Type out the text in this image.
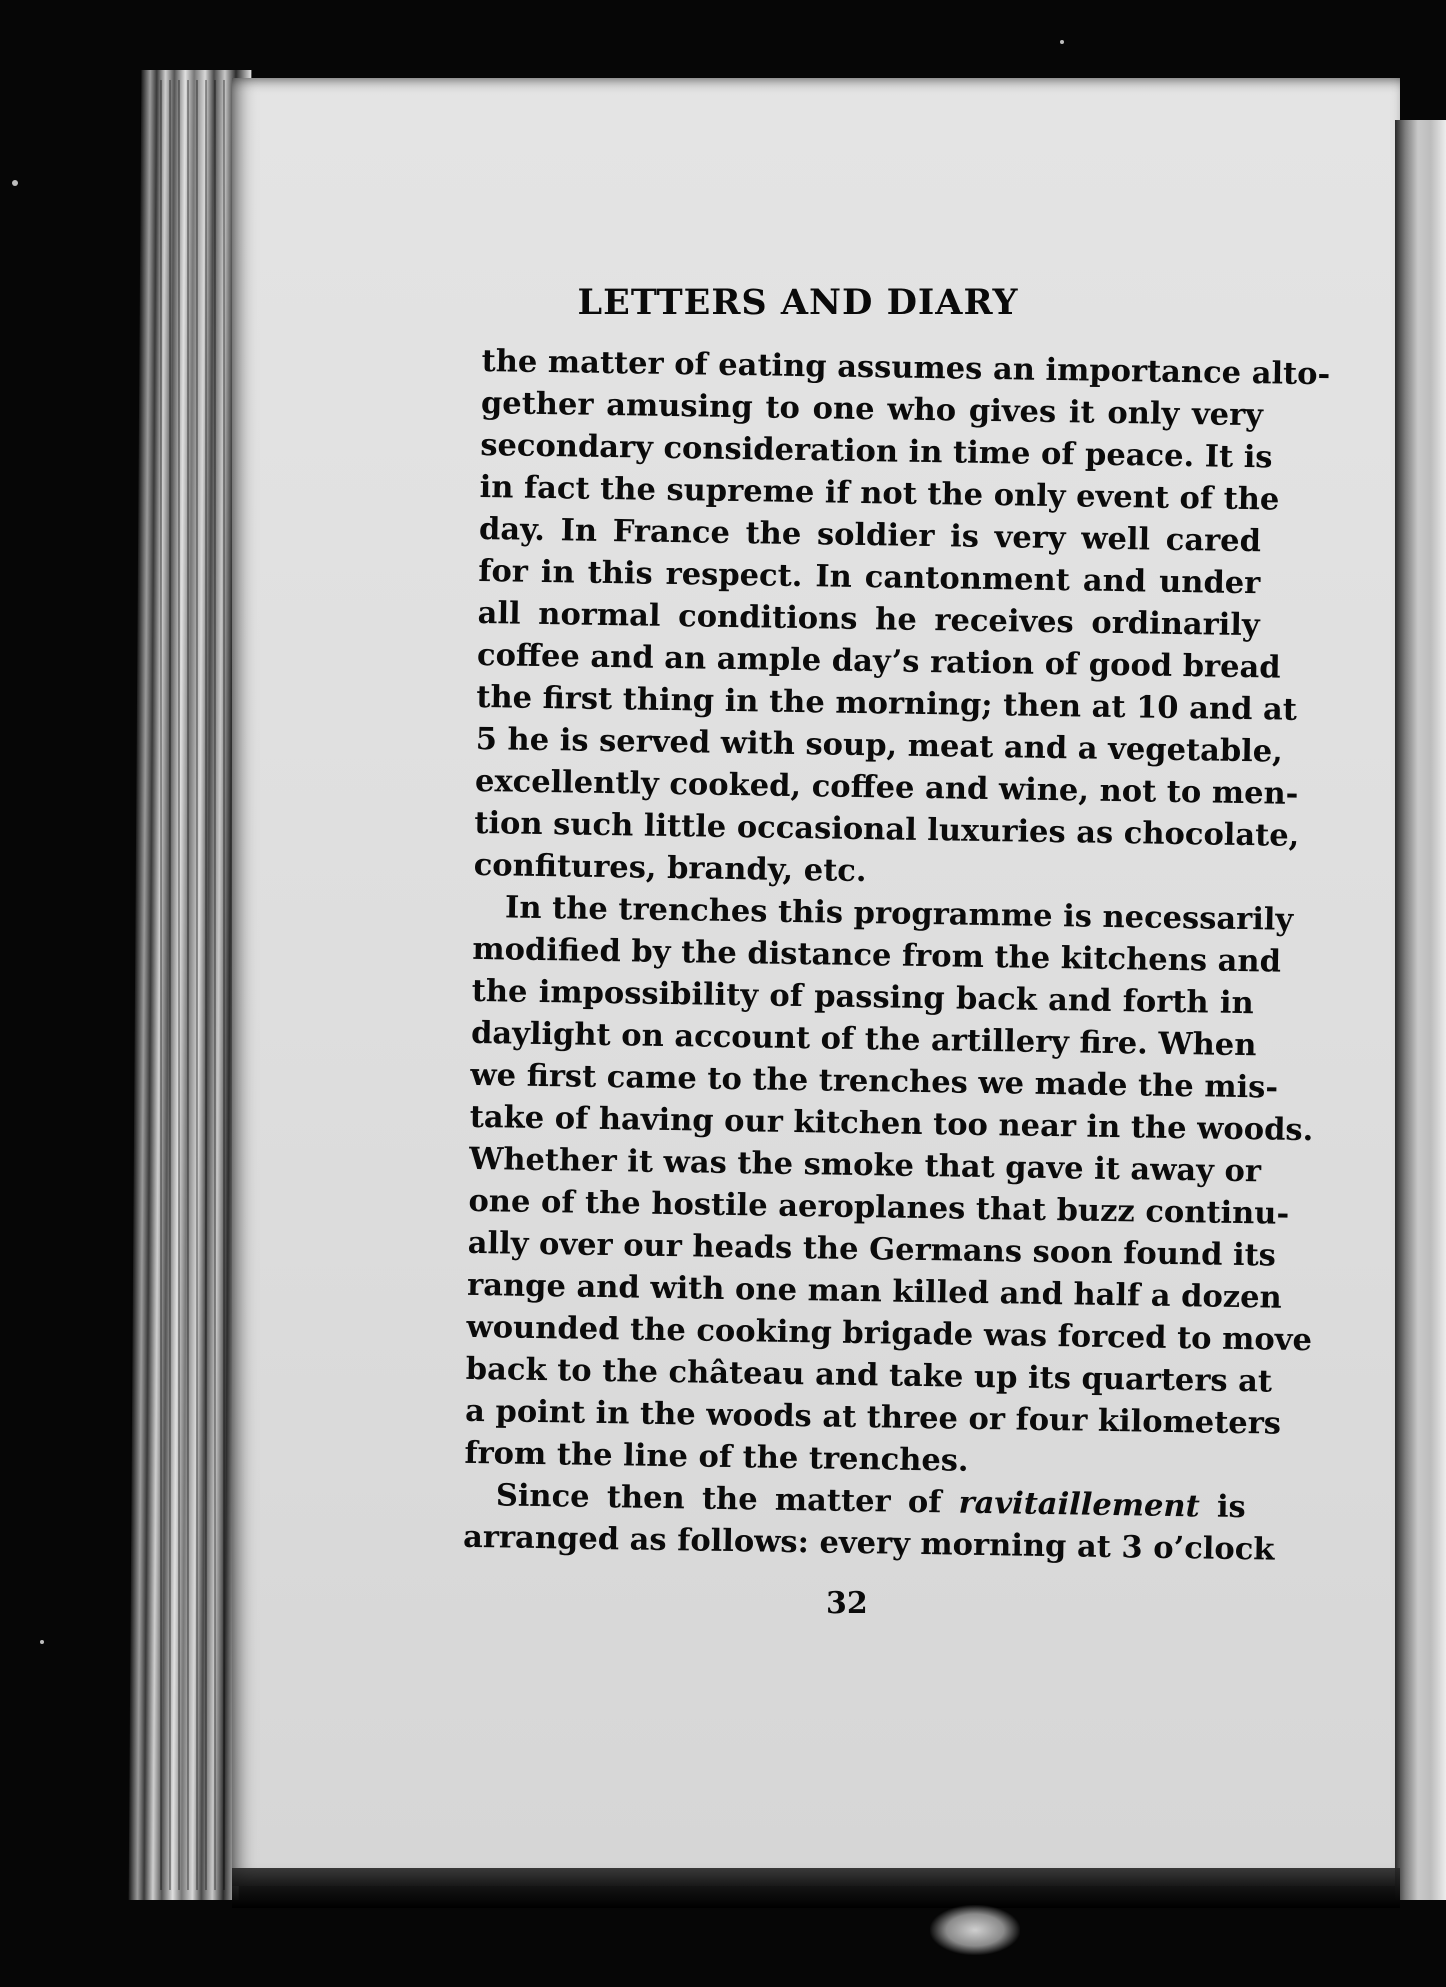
LETTERS AND DIARY
the matter of eating assumes an importance alto-
gether amusing to one who gives it only very
secondary consideration in time of peace. It is
in fact the supreme if not the only event of the
day. In France the soldier is very well cared
for in this respect. In cantonment and under
all normal conditions he receives ordinarily
coffee and an ample day’s ration of good bread
the first thing in the morning; then at 10 and at
5 he is served with soup, meat and a vegetable,
excellently cooked, coffee and wine, not to men-
tion such little occasional luxuries as chocolate,
confitures, brandy, etc.
In the trenches this programme is necessarily
modified by the distance from the kitchens and
the impossibility of passing back and forth in
daylight on account of the artillery fire. When
we first came to the trenches we made the mis-
take of having our kitchen too near in the woods.
Whether it was the smoke that gave it away or
one of the hostile aeroplanes that buzz continu-
ally over our heads the Germans soon found its
range and with one man killed and half a dozen
wounded the cooking brigade was forced to move
back to the château and take up its quarters at
a point in the woods at three or four kilometers
from the line of the trenches.
Since then the matter of ravitaillement is
arranged as follows: every morning at 3 o’clock
32
